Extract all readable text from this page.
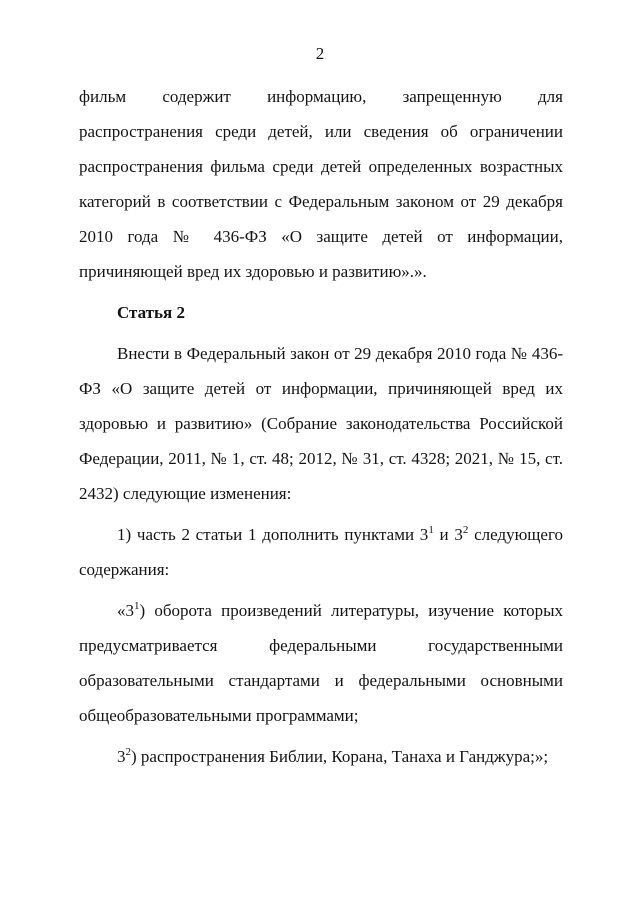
2

фильм содержит информацию, запрещенную для распространения среди детей, или сведения об ограничении распространения фильма среди детей определенных возрастных категорий в соответствии с Федеральным законом от 29 декабря 2010 года № 436-ФЗ «О защите детей от информации, причиняющей вред их здоровью и развитию».».

Статья 2

Внести в Федеральный закон от 29 декабря 2010 года № 436-ФЗ «О защите детей от информации, причиняющей вред их здоровью и развитию» (Собрание законодательства Российской Федерации, 2011, № 1, ст. 48; 2012, № 31, ст. 4328; 2021, № 15, ст. 2432) следующие изменения:

1) часть 2 статьи 1 дополнить пунктами $3^1$ и $3^2$ следующего содержания:

«$3^1$) оборота произведений литературы, изучение которых предусматривается федеральными государственными образовательными стандартами и федеральными основными общеобразовательными программами;

$3^2$) распространения Библии, Корана, Танаха и Ганджура;»;
